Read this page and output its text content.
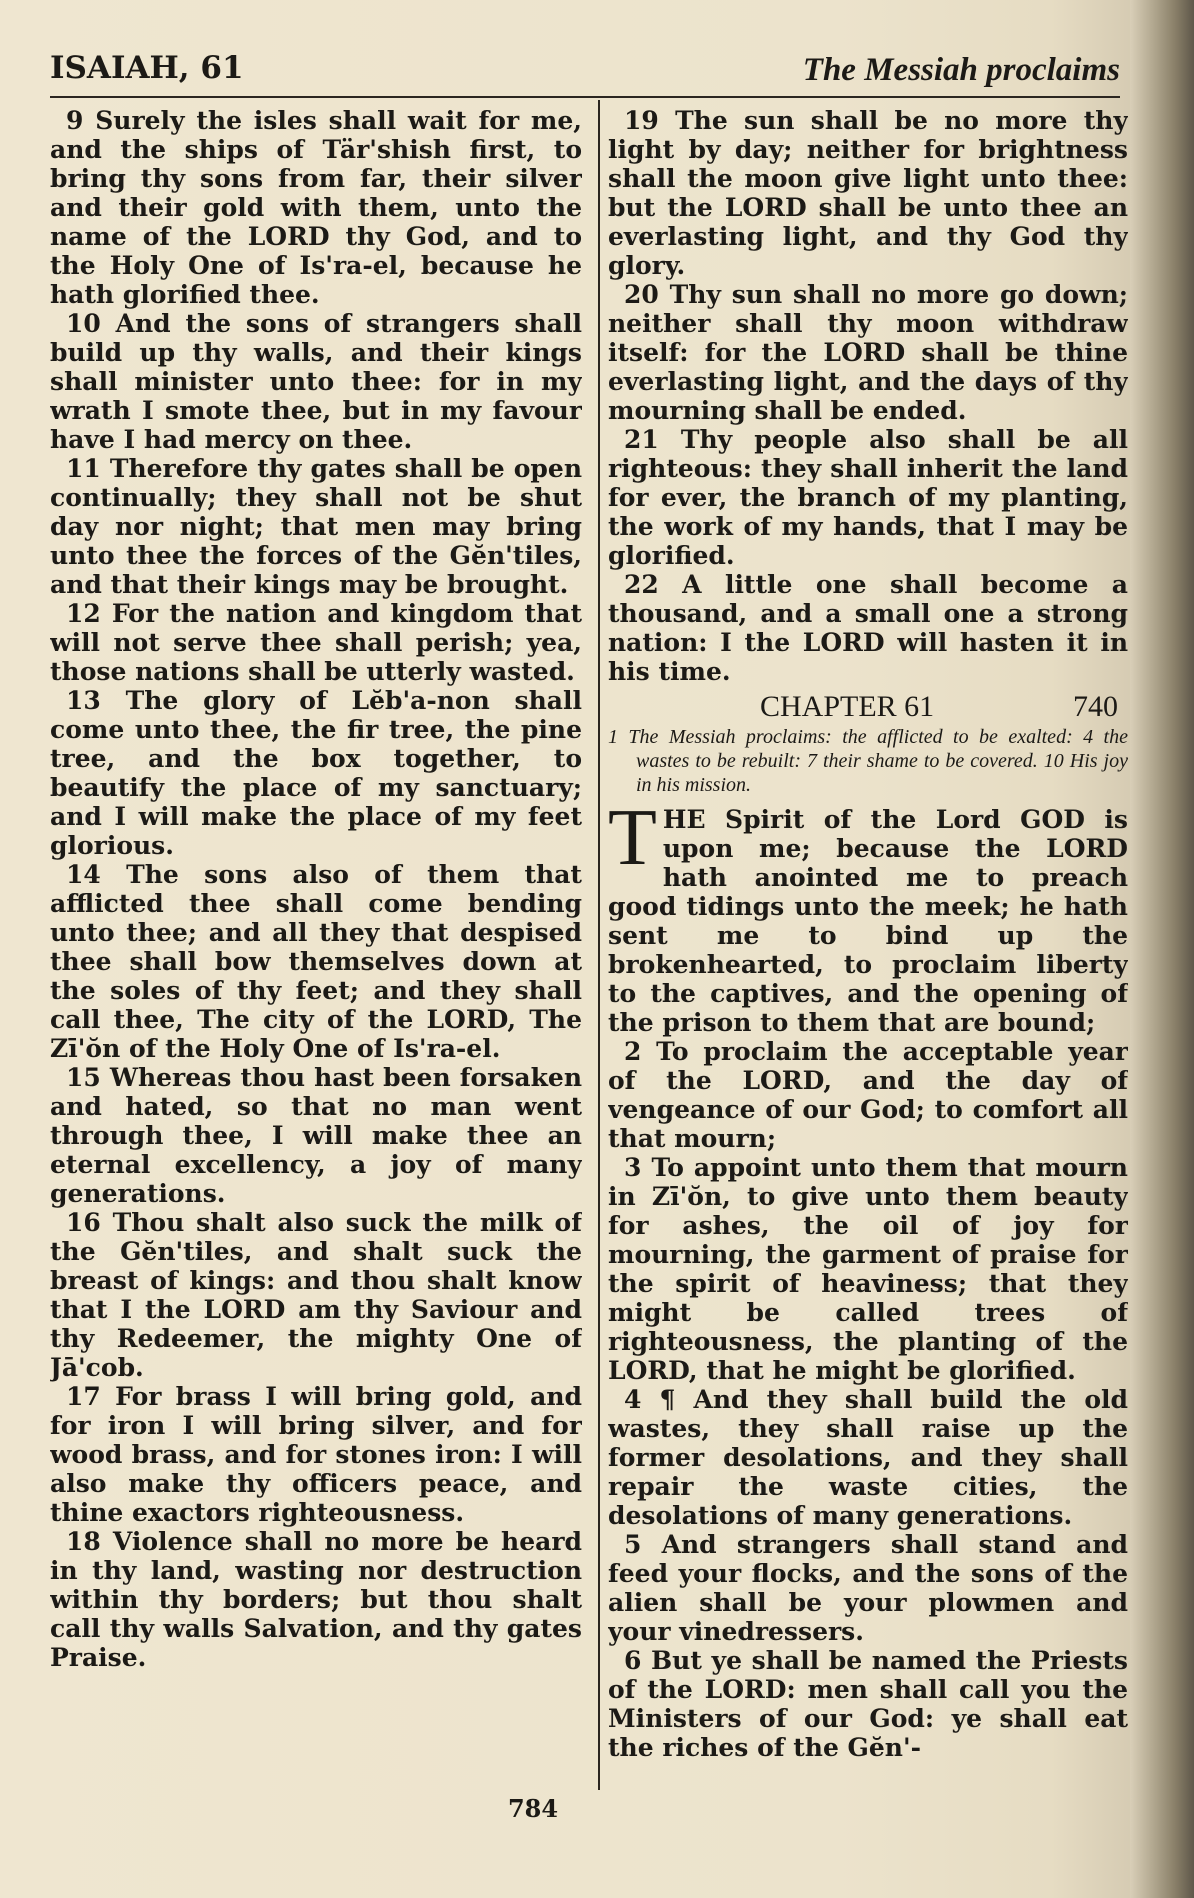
ISAIAH, 61	The Messiah proclaims

9 Surely the isles shall wait for me, and the ships of Tär'shish first, to bring thy sons from far, their silver and their gold with them, unto the name of the LORD thy God, and to the Holy One of Is'ra-el, because he hath glorified thee.

10 And the sons of strangers shall build up thy walls, and their kings shall minister unto thee: for in my wrath I smote thee, but in my favour have I had mercy on thee.

11 Therefore thy gates shall be open continually; they shall not be shut day nor night; that men may bring unto thee the forces of the Gĕn'tiles, and that their kings may be brought.

12 For the nation and kingdom that will not serve thee shall perish; yea, those nations shall be utterly wasted.

13 The glory of Lĕb'a-non shall come unto thee, the fir tree, the pine tree, and the box together, to beautify the place of my sanctuary; and I will make the place of my feet glorious.

14 The sons also of them that afflicted thee shall come bending unto thee; and all they that despised thee shall bow themselves down at the soles of thy feet; and they shall call thee, The city of the LORD, The Zī'ŏn of the Holy One of Is'ra-el.

15 Whereas thou hast been forsaken and hated, so that no man went through thee, I will make thee an eternal excellency, a joy of many generations.

16 Thou shalt also suck the milk of the Gĕn'tiles, and shalt suck the breast of kings: and thou shalt know that I the LORD am thy Saviour and thy Redeemer, the mighty One of Jā'cob.

17 For brass I will bring gold, and for iron I will bring silver, and for wood brass, and for stones iron: I will also make thy officers peace, and thine exactors righteousness.

18 Violence shall no more be heard in thy land, wasting nor destruction within thy borders; but thou shalt call thy walls Salvation, and thy gates Praise.

19 The sun shall be no more thy light by day; neither for brightness shall the moon give light unto thee: but the LORD shall be unto thee an everlasting light, and thy God thy glory.

20 Thy sun shall no more go down; neither shall thy moon withdraw itself: for the LORD shall be thine everlasting light, and the days of thy mourning shall be ended.

21 Thy people also shall be all righteous: they shall inherit the land for ever, the branch of my planting, the work of my hands, that I may be glorified.

22 A little one shall become a thousand, and a small one a strong nation: I the LORD will hasten it in his time.

CHAPTER 61	740
1 The Messiah proclaims: the afflicted to be exalted: 4 the wastes to be rebuilt: 7 their shame to be covered. 10 His joy in his mission.

THE Spirit of the Lord GOD is upon me; because the LORD hath anointed me to preach good tidings unto the meek; he hath sent me to bind up the brokenhearted, to proclaim liberty to the captives, and the opening of the prison to them that are bound;

2 To proclaim the acceptable year of the LORD, and the day of vengeance of our God; to comfort all that mourn;

3 To appoint unto them that mourn in Zī'ŏn, to give unto them beauty for ashes, the oil of joy for mourning, the garment of praise for the spirit of heaviness; that they might be called trees of righteousness, the planting of the LORD, that he might be glorified.

4 ¶ And they shall build the old wastes, they shall raise up the former desolations, and they shall repair the waste cities, the desolations of many generations.

5 And strangers shall stand and feed your flocks, and the sons of the alien shall be your plowmen and your vinedressers.

6 But ye shall be named the Priests of the LORD: men shall call you the Ministers of our God: ye shall eat the riches of the Gĕn'-

784
